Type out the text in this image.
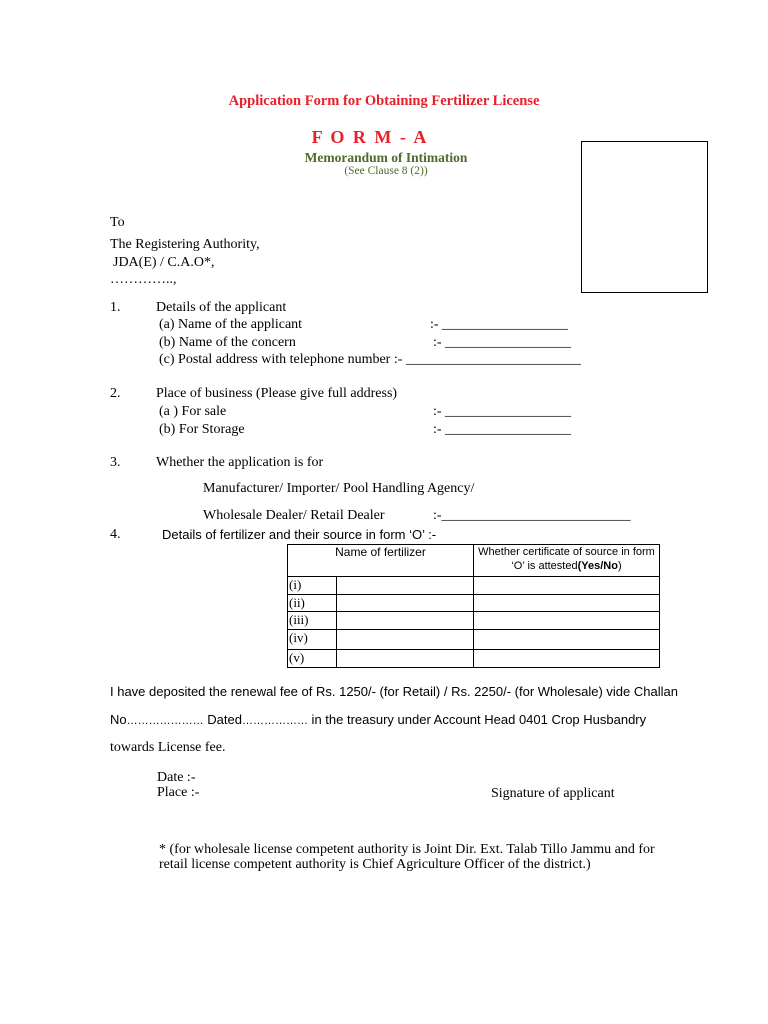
Application Form for Obtaining Fertilizer License
F O R M - A
Memorandum of Intimation
(See Clause 8 (2))
To
The Registering Authority,
JDA(E) / C.A.O*,
…………..,
1.	Details of the applicant
(a) Name of the applicant	:- __________________
(b) Name of the concern	:- __________________
(c) Postal address with telephone number :- _________________________
2.	Place of business (Please give full address)
(a ) For sale	:- __________________
(b) For Storage	:- __________________
3.	Whether the application is for
Manufacturer/ Importer/ Pool Handling Agency/
Wholesale Dealer/ Retail Dealer	:-___________________________
4.	Details of fertilizer and their source in form ‘O’ :-
Name of fertilizer		Whether certificate of source in form
‘O’ is attested(Yes/No)

(i)		
(ii)		
(iii)		
(iv)		
(v)		
I have deposited the renewal fee of Rs. 1250/- (for Retail) / Rs. 2250/- (for Wholesale) vide Challan
No………………… Dated……………… in the treasury under Account Head 0401 Crop Husbandry
towards License fee.
Date :-
Place :-	Signature of applicant
* (for wholesale license competent authority is Joint Dir. Ext. Talab Tillo Jammu and for
retail license competent authority is Chief Agriculture Officer of the district.)
